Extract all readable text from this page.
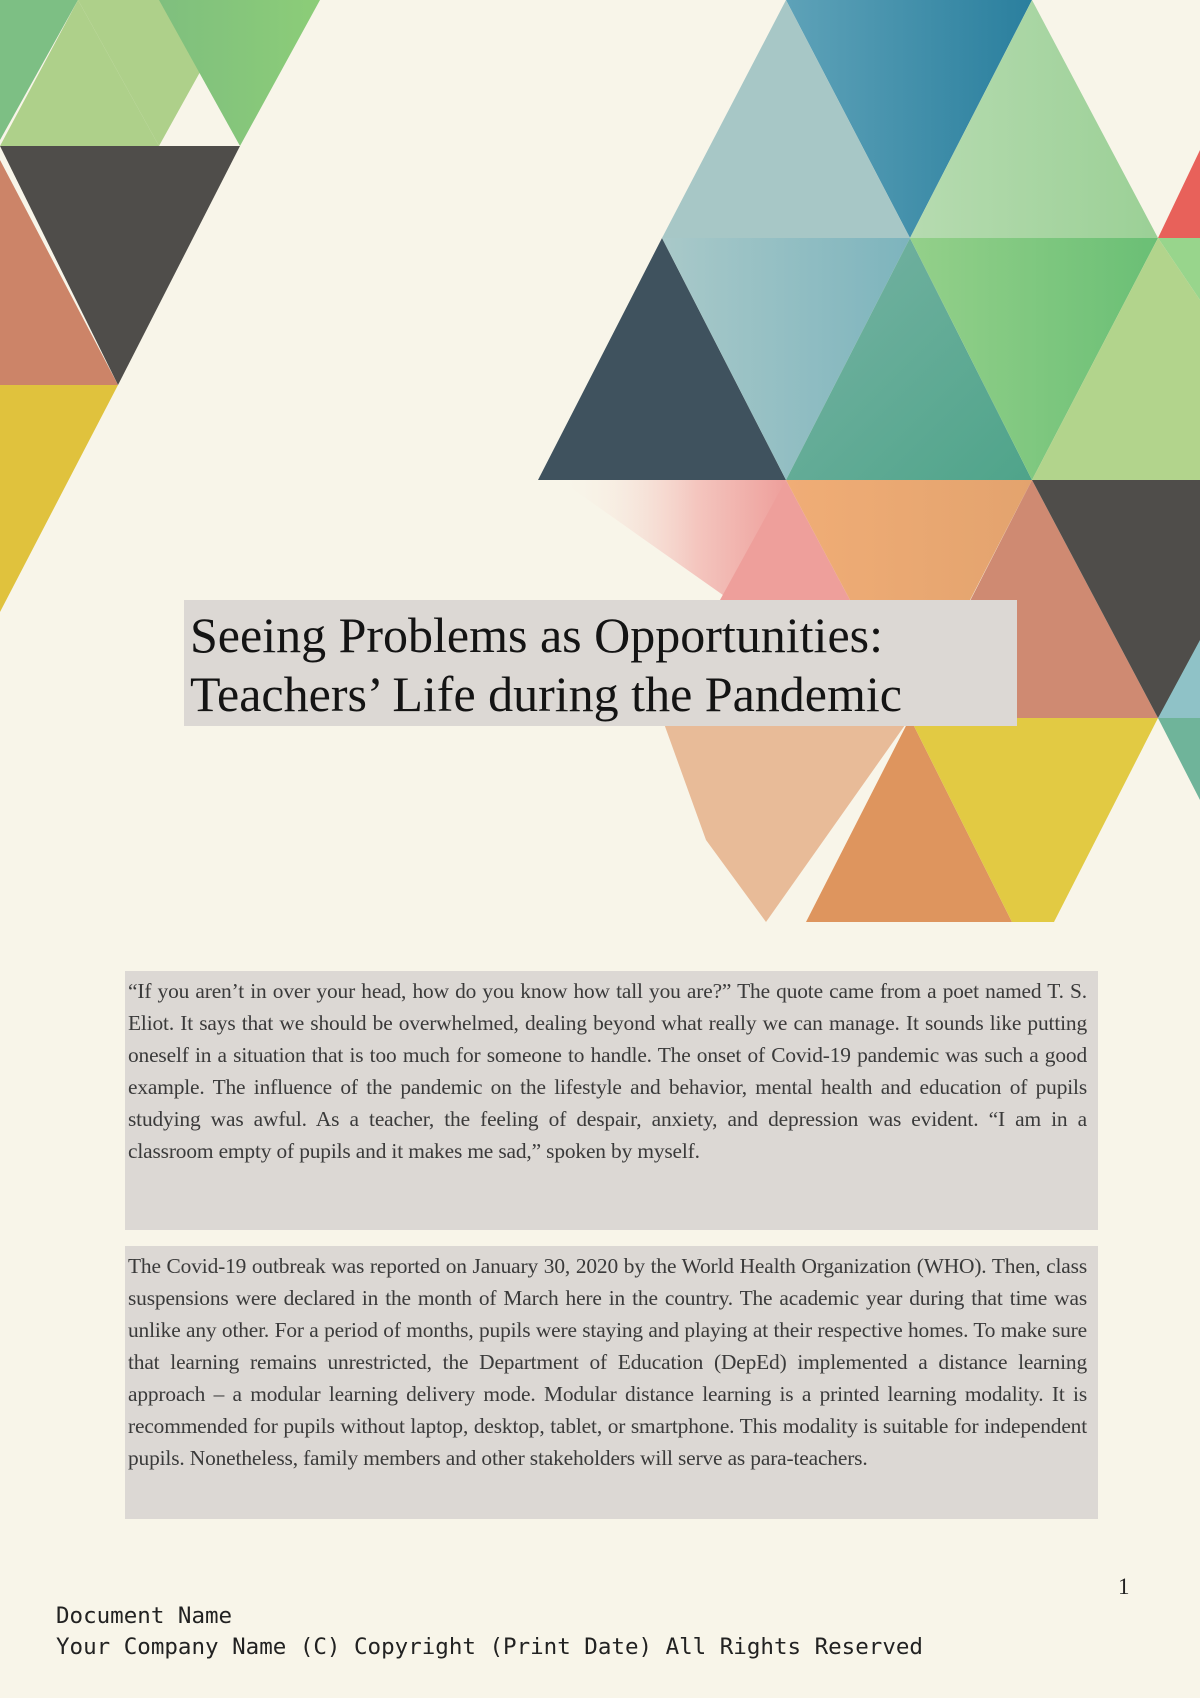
Seeing Problems as Opportunities:
Teachers’ Life during the Pandemic
“If you aren’t in over your head, how do you know how tall you are?” The quote came from a poet named T. S. Eliot. It says that we should be overwhelmed, dealing beyond what really we can manage. It sounds like putting oneself in a situation that is too much for someone to handle. The onset of Covid-19 pandemic was such a good example. The influence of the pandemic on the lifestyle and behavior, mental health and education of pupils studying was awful. As a teacher, the feeling of despair, anxiety, and depression was evident. “I am in a classroom empty of pupils and it makes me sad,” spoken by myself.
The Covid-19 outbreak was reported on January 30, 2020 by the World Health Organization (WHO). Then, class suspensions were declared in the month of March here in the country. The academic year during that time was unlike any other. For a period of months, pupils were staying and playing at their respective homes. To make sure that learning remains unrestricted, the Department of Education (DepEd) implemented a distance learning approach – a modular learning delivery mode. Modular distance learning is a printed learning modality. It is recommended for pupils without laptop, desktop, tablet, or smartphone. This modality is suitable for independent pupils. Nonetheless, family members and other stakeholders will serve as para-teachers.
1
Document Name
Your Company Name (C) Copyright (Print Date) All Rights Reserved
